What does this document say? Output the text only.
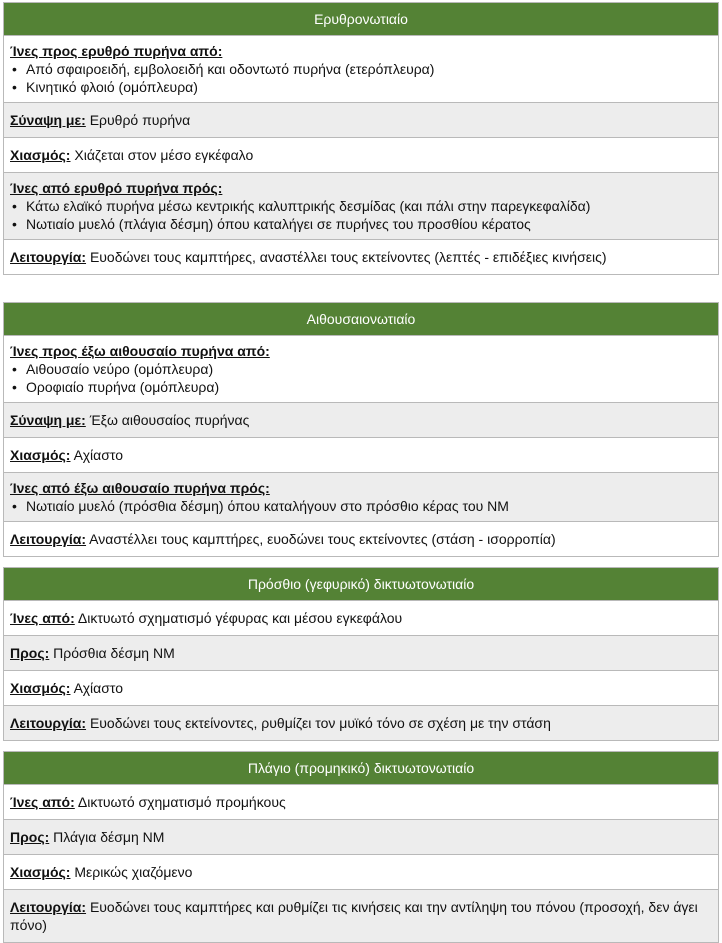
Ερυθρονωτιαίο
Ίνες προς ερυθρό πυρήνα από:
• Από σφαιροειδή, εμβολοειδή και οδοντωτό πυρήνα (ετερόπλευρα)
• Κινητικό φλοιό (ομόπλευρα)
Σύναψη με: Ερυθρό πυρήνα
Χιασμός: Χιάζεται στον μέσο εγκέφαλο
Ίνες από ερυθρό πυρήνα πρός:
• Κάτω ελαϊκό πυρήνα μέσω κεντρικής καλυπτρικής δεσμίδας (και πάλι στην παρεγκεφαλίδα)
• Νωτιαίο μυελό (πλάγια δέσμη) όπου καταλήγει σε πυρήνες του προσθίου κέρατος
Λειτουργία: Ευοδώνει τους καμπτήρες, αναστέλλει τους εκτείνοντες (λεπτές - επιδέξιες κινήσεις)
Αιθουσαιονωτιαίο
Ίνες προς έξω αιθουσαίο πυρήνα από:
• Αιθουσαίο νεύρο (ομόπλευρα)
• Οροφιαίο πυρήνα (ομόπλευρα)
Σύναψη με: Έξω αιθουσαίος πυρήνας
Χιασμός: Αχίαστο
Ίνες από έξω αιθουσαίο πυρήνα πρός:
• Νωτιαίο μυελό (πρόσθια δέσμη) όπου καταλήγουν στο πρόσθιο κέρας του ΝΜ
Λειτουργία: Αναστέλλει τους καμπτήρες, ευοδώνει τους εκτείνοντες (στάση - ισορροπία)
Πρόσθιο (γεφυρικό) δικτυωτονωτιαίο
Ίνες από: Δικτυωτό σχηματισμό γέφυρας και μέσου εγκεφάλου
Προς: Πρόσθια δέσμη ΝΜ
Χιασμός: Αχίαστο
Λειτουργία: Ευοδώνει τους εκτείνοντες, ρυθμίζει τον μυϊκό τόνο σε σχέση με την στάση
Πλάγιο (προμηκικό) δικτυωτονωτιαίο
Ίνες από: Δικτυωτό σχηματισμό προμήκους
Προς: Πλάγια δέσμη ΝΜ
Χιασμός: Μερικώς χιαζόμενο
Λειτουργία: Ευοδώνει τους καμπτήρες και ρυθμίζει τις κινήσεις και την αντίληψη του πόνου (προσοχή, δεν άγει πόνο)
